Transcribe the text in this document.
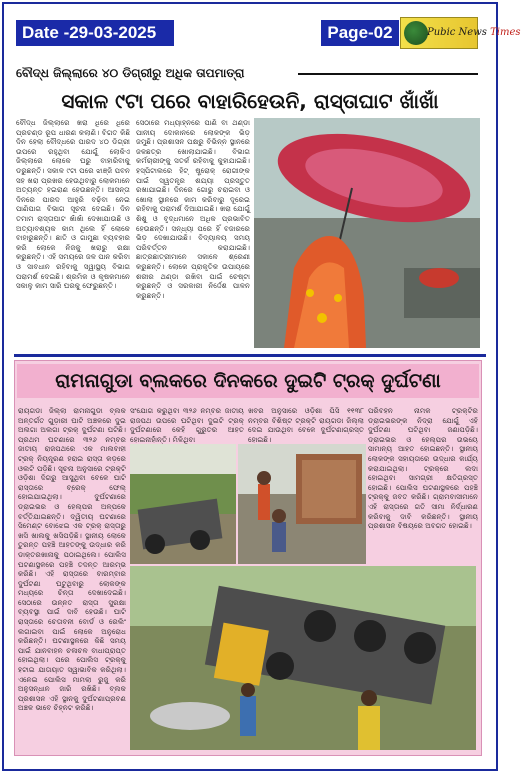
Date -29-03-2025	Page-02	Pubic News Times
ବୌଦ୍ଧ ଜିଲ୍ଲାରେ ୪୦ ଡିଗ୍ରୀରୁ ଅଧିକ ତାପମାତ୍ରା
ସକାଳ ୯ଟା ପରେ ବାହାରିହେଉନି, ରାସ୍ତାଘାଟ ଖାଁଖାଁ
ବୌଦ୍ଧ ଜିଲ୍ଲାରେ ଖରା ଧିରେ ଧିରେ ପ୍ରଚଣ୍ଡ ରୂପ ଧାରଣ କଲାଣି। ବିଗତ କିଛି ଦିନ ହେଲା ବୌଦ୍ଧରେ ପାରଦ ୪୦ ଡିଗ୍ରୀ ଉପରେ ରହୁଥିବା ଯୋଗୁଁ ଲୋକିଏ ଜିଲ୍ଲାରେ ଲୋକେ ଘରୁ ବାହାରିବାକୁ ଡରୁଛନ୍ତି। ସକାଳ ୯ଟା ପରେ ଝାଞ୍ଜି ପବନ ସହ ଖରା ପ୍ରଖର ହେଉଥିବାରୁ ଲୋକମାନେ ଅତ୍ୟନ୍ତ ହଇରାଣ ହେଉଛନ୍ତି। ଆସନ୍ତା ଦିନରେ ପାରଦ ଆହୁରି ବଢ଼ିବା ନେଇ ପାଣିପାଗ ବିଭାଗ ସୂଚନା ଦେଇଛି। ଦିନ ତମାମ ରାସ୍ତାଘାଟ ଖାଁଖାଁ ଦେଖାଯାଉଛି ଓ ଅତ୍ୟାବଶ୍ୟକ କାମ ଥିଲେ ହିଁ ଲୋକେ ବାହାରୁଛନ୍ତି। ଛାତି ଓ ଗାମୁଛା ବ୍ୟବହାର କରି ଲୋକେ ନିଜକୁ ଖରାରୁ ରକ୍ଷା କରୁଛନ୍ତି। ଏହି ସମୟରେ ଜଳ ପାନ କରିବା ଓ ସାବଧାନ ରହିବାକୁ ସ୍ୱାସ୍ଥ୍ୟ ବିଭାଗ ପରାମର୍ଶ ଦେଇଛି। ଶ୍ରମିକ ଓ କୃଷକମାନେ ସକାଳୁ କାମ ସାରି ଘରକୁ ଫେରୁଛନ୍ତି।
ସେଠାରେ ମଧ୍ୟାହ୍ନରେ ପାଣି ବା ଥଣ୍ଡା ପାନୀୟ ଦୋକାନରେ ଲୋକଙ୍କ ଭିଡ଼ ଜମୁଛି। ପ୍ରଶାସନ ପକ୍ଷରୁ ବିଭିନ୍ନ ସ୍ଥାନରେ ଜଳଛତ୍ର ଖୋଲାଯାଇଛି। ବିଭାଗ କର୍ମଚାରୀଙ୍କୁ ସତର୍କ ରହିବାକୁ କୁହାଯାଇଛି। ହସ୍ପିଟାଲରେ ହିଟ୍ ଷ୍ଟ୍ରୋକ୍ ରୋଗୀଙ୍କ ପାଇଁ ସ୍ୱତନ୍ତ୍ର ଶଯ୍ୟା ପ୍ରସ୍ତୁତ ରଖାଯାଇଛି। ଦିନରେ ଗୋରୁ ଚରାଇବା ଓ ଖୋଲା ସ୍ଥାନରେ କାମ କରିବାରୁ ଦୂରେଇ ରହିବାକୁ ପରାମର୍ଶ ଦିଆଯାଇଛି। ଖରା ଯୋଗୁଁ ଶିଶୁ ଓ ବୃଦ୍ଧମାନେ ଅଧିକ ପ୍ରଭାବିତ ହେଉଛନ୍ତି। ସନ୍ଧ୍ୟା ପରେ ହିଁ ବଜାରରେ ଭିଡ଼ ଦେଖାଯାଉଛି। ବିଦ୍ୟାଳୟ ସମୟ ପରିବର୍ତ୍ତନ କରାଯାଇଛି। ଛାତ୍ରଛାତ୍ରୀମାନେ ସକାଳେ ଶ୍ରେଣୀ କରୁଛନ୍ତି। ଲୋକେ ପ୍ରାକୃତିକ ଉପାୟରେ ଶରୀର ଥଣ୍ଡା ରଖିବା ପାଇଁ ଚେଷ୍ଟା କରୁଛନ୍ତି ଓ ସରକାରୀ ନିର୍ଦ୍ଦେଶ ପାଳନ କରୁଛନ୍ତି।
ରାମନାଗୁଡା ବ୍ଲକରେ ଦିନକରେ ଦୁଇଟି ଟ୍ରକ୍ ଦୁର୍ଘଟଣା
ରାୟଗଡା ଜିଲ୍ଲା ରାମନାଗୁଡା ବ୍ଲକ ଅନ୍ତର୍ଗତ ଗୁଡ଼ାରୀ ଘାଟି ଅଞ୍ଚଳରେ ଦୁଇ ଅଲଗା ଅଲଗା ଟ୍ରକ୍ ଦୁର୍ଘଟଣା ଘଟିଛି। ପ୍ରଥମ ଘଟଣାରେ ୩୨୬ ନମ୍ବର ଜାତୀୟ ରାଜପଥରେ ଏକ ମାଲବାହୀ ଟ୍ରକ୍ ନିୟନ୍ତ୍ରଣ ହରାଇ ରାସ୍ତା କଡ଼ରେ ଓଲଟି ପଡ଼ିଛି। ସୂଚନା ଅନୁସାରେ ଟ୍ରକ୍‌ଟି ଓଡ଼ିଶା ଦିଗରୁ ଆସୁଥିବା ବେଳେ ଘାଟି ରାସ୍ତାରେ ବ୍ରେକ୍ ଫେଲ୍ ହୋଇଯାଇଥିଲା। ଦୁର୍ଘଟଣାରେ ଡ୍ରାଇଭର ଓ ହେଲ୍ପର ଅଳ୍ପକେ ବର୍ତ୍ତିଯାଇଛନ୍ତି। ଦ୍ୱିତୀୟ ଘଟଣାରେ ସିମେଣ୍ଟ ବୋଝେଇ ଏକ ଟ୍ରକ୍ ରାସ୍ତାରୁ ଖସି ଖାଲକୁ ଖସିପଡ଼ିଛି। ସ୍ଥାନୀୟ ଲୋକେ ତୁରନ୍ତ ପହଞ୍ଚି ଆହତଙ୍କୁ ଉଦ୍ଧାର କରି ଡାକ୍ତରଖାନାକୁ ପଠାଇଥିଲେ। ପୋଲିସ ଘଟଣାସ୍ଥଳରେ ପହଞ୍ଚି ତଦନ୍ତ ଆରମ୍ଭ କରିଛି। ଏହି ରାସ୍ତାରେ ବାରମ୍ବାର ଦୁର୍ଘଟଣା ଘଟୁଥିବାରୁ ଲୋକଙ୍କ ମଧ୍ୟରେ ଚିନ୍ତା ଦେଖାଦେଇଛି। ସେଠାରେ ଉନ୍ନତ ରାସ୍ତା ସୁରକ୍ଷା ବ୍ୟବସ୍ଥା ପାଇଁ ଦାବି ହେଉଛି। ଘାଟି ରାସ୍ତାରେ ଚେତାବନୀ ବୋର୍ଡ ଓ ରେଲିଂ ଲଗାଇବା ପାଇଁ ଲୋକେ ଅନୁରୋଧ କରିଛନ୍ତି। ଘଟଣାସ୍ଥଳରେ କିଛି ସମୟ ପାଇଁ ଯାନବାହନ ଚଳାଚଳ ବାଧାପ୍ରାପ୍ତ ହୋଇଥିଲା। ପରେ ପୋଲିସ ଟ୍ରକ୍‌କୁ ହଟାଇ ଯାତାୟାତ ସ୍ୱାଭାବିକ କରିଥିଲା। ଏନେଇ ପୋଲିସ ମାମଲା ରୁଜୁ କରି ଅନୁସନ୍ଧାନ ଜାରି ରଖିଛି। ବ୍ଲକ ପ୍ରଶାସନ ଏହି ସ୍ଥାନକୁ ଦୁର୍ଘଟଣାପ୍ରବଣ ଅଞ୍ଚଳ ଭାବେ ଚିହ୍ନଟ କରିଛି।
ସଂଯୋଗ କରୁଥିବା ୩୨୬ ନମ୍ବର ଜାତୀୟ ରାଜପଥ ଉପରେ ଘଟିଥିବା ଦୁଇଟି ଟ୍ରକ୍ ଦୁର୍ଘଟଣାରେ କେହି ଗୁରୁତର ଆହତ ହୋଇନାହାଁନ୍ତି। ମିଳିଥିବା
ଖବର ଅନୁସାରେ ଓଡ଼ିଶା ପିସି ୧୧୩୮ ନମ୍ବର ବିଶିଷ୍ଟ ଟ୍ରକ୍‌ଟି ରାୟଗଡା ଜିଲ୍ଲା ଦେଇ ଯାଉଥିବା ବେଳେ ଦୁର୍ଘଟଣାଗ୍ରସ୍ତ ହୋଇଛି।
ପରିବହନ ନାମକ ଟ୍ରକ୍‌ଟିର ଡ୍ରାଇଭରଙ୍କ ନିଦ୍ରା ଯୋଗୁଁ ଏହି ଦୁର୍ଘଟଣା ଘଟିଥିବା ଜଣାପଡ଼ିଛି। ଡ୍ରାଇଭର ଓ ହେଲ୍ପର ଉଭୟେ ସାମାନ୍ୟ ଆହତ ହୋଇଛନ୍ତି। ସ୍ଥାନୀୟ ଲୋକଙ୍କ ସହାୟତାରେ ଉଦ୍ଧାର କାର୍ଯ୍ୟ କରାଯାଇଥିଲା। ଟ୍ରକ୍‌ରେ ଲଦା ହୋଇଥିବା ସାମଗ୍ରୀ କ୍ଷତିଗ୍ରସ୍ତ ହୋଇଛି। ପୋଲିସ ଘଟଣାସ୍ଥଳରେ ପହଞ୍ଚି ଟ୍ରକ୍‌କୁ ଜବତ କରିଛି। ଗ୍ରାମବାସୀମାନେ ଏହି ରାସ୍ତାରେ ଗତି ସୀମା ନିର୍ଦ୍ଧାରଣ କରିବାକୁ ଦାବି କରିଛନ୍ତି। ସ୍ଥାନୀୟ ପ୍ରଶାସନ ବିଷୟରେ ଅବଗତ ହୋଇଛି।
